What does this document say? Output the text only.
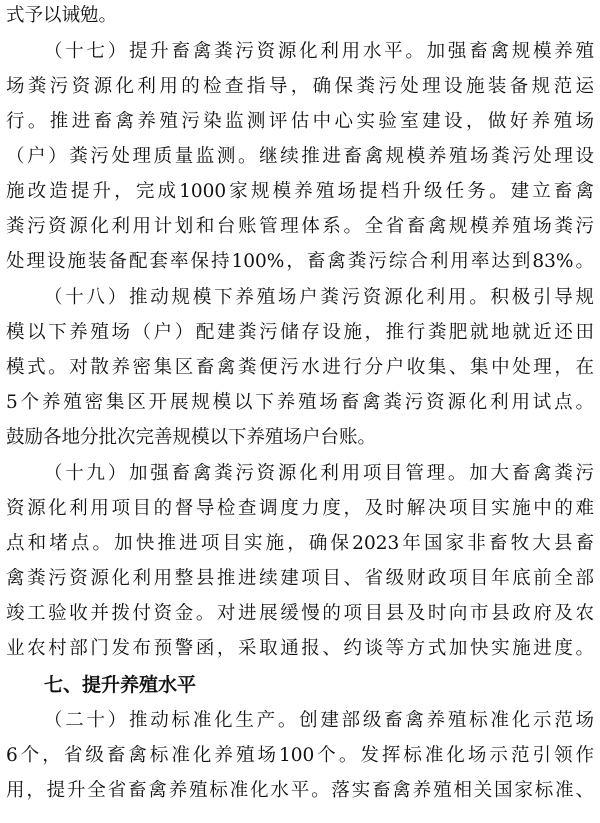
式予以诫勉。
（十七）提升畜禽粪污资源化利用水平。加强畜禽规模养殖
场粪污资源化利用的检查指导，确保粪污处理设施装备规范运
行。推进畜禽养殖污染监测评估中心实验室建设，做好养殖场
（户）粪污处理质量监测。继续推进畜禽规模养殖场粪污处理设
施改造提升，完成1000家规模养殖场提档升级任务。建立畜禽
粪污资源化利用计划和台账管理体系。全省畜禽规模养殖场粪污
处理设施装备配套率保持100%，畜禽粪污综合利用率达到83%。
（十八）推动规模下养殖场户粪污资源化利用。积极引导规
模以下养殖场（户）配建粪污储存设施，推行粪肥就地就近还田
模式。对散养密集区畜禽粪便污水进行分户收集、集中处理，在
5个养殖密集区开展规模以下养殖场畜禽粪污资源化利用试点。
鼓励各地分批次完善规模以下养殖场户台账。
（十九）加强畜禽粪污资源化利用项目管理。加大畜禽粪污
资源化利用项目的督导检查调度力度，及时解决项目实施中的难
点和堵点。加快推进项目实施，确保2023年国家非畜牧大县畜
禽粪污资源化利用整县推进续建项目、省级财政项目年底前全部
竣工验收并拨付资金。对进展缓慢的项目县及时向市县政府及农
业农村部门发布预警函，采取通报、约谈等方式加快实施进度。
七、提升养殖水平
（二十）推动标准化生产。创建部级畜禽养殖标准化示范场
6个，省级畜禽标准化养殖场100个。发挥标准化场示范引领作
用，提升全省畜禽养殖标准化水平。落实畜禽养殖相关国家标准、
